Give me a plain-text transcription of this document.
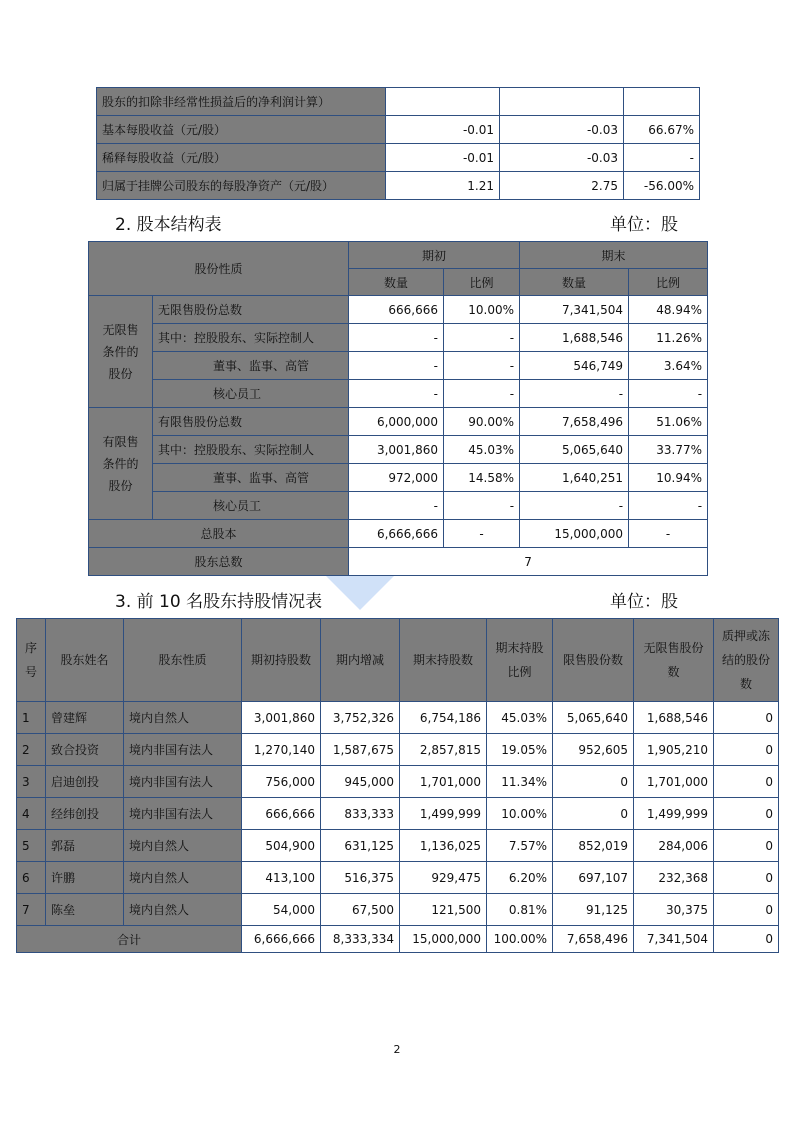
股东的扣除非经常性损益后的净利润计算）			
基本每股收益（元/股）	-0.01	-0.03	66.67%
稀释每股收益（元/股）	-0.01	-0.03	-
归属于挂牌公司股东的每股净资产（元/股）	1.21	2.75	-56.00%
2. 股本结构表	单位：股
股份性质		期初		期末	
		数量	比例	数量	比例
无限售条件的股份	无限售股份总数	666,666	10.00%	7,341,504	48.94%
	其中：控股股东、实际控制人	-	-	1,688,546	11.26%
	董事、监事、高管	-	-	546,749	3.64%
	核心员工	-	-	-	-
有限售条件的股份	有限售股份总数	6,000,000	90.00%	7,658,496	51.06%
	其中：控股股东、实际控制人	3,001,860	45.03%	5,065,640	33.77%
	董事、监事、高管	972,000	14.58%	1,640,251	10.94%
	核心员工	-	-	-	-
总股本		6,666,666	-	15,000,000	-
股东总数		7			
3. 前 10 名股东持股情况表	单位：股
序号	股东姓名	股东性质	期初持股数	期内增减	期末持股数	期末持股比例	限售股份数	无限售股份数	质押或冻结的股份数
1	曾建辉	境内自然人	3,001,860	3,752,326	6,754,186	45.03%	5,065,640	1,688,546	0
2	致合投资	境内非国有法人	1,270,140	1,587,675	2,857,815	19.05%	952,605	1,905,210	0
3	启迪创投	境内非国有法人	756,000	945,000	1,701,000	11.34%	0	1,701,000	0
4	经纬创投	境内非国有法人	666,666	833,333	1,499,999	10.00%	0	1,499,999	0
5	郭磊	境内自然人	504,900	631,125	1,136,025	7.57%	852,019	284,006	0
6	许鹏	境内自然人	413,100	516,375	929,475	6.20%	697,107	232,368	0
7	陈垒	境内自然人	54,000	67,500	121,500	0.81%	91,125	30,375	0
合计			6,666,666	8,333,334	15,000,000	100.00%	7,658,496	7,341,504	0
2
